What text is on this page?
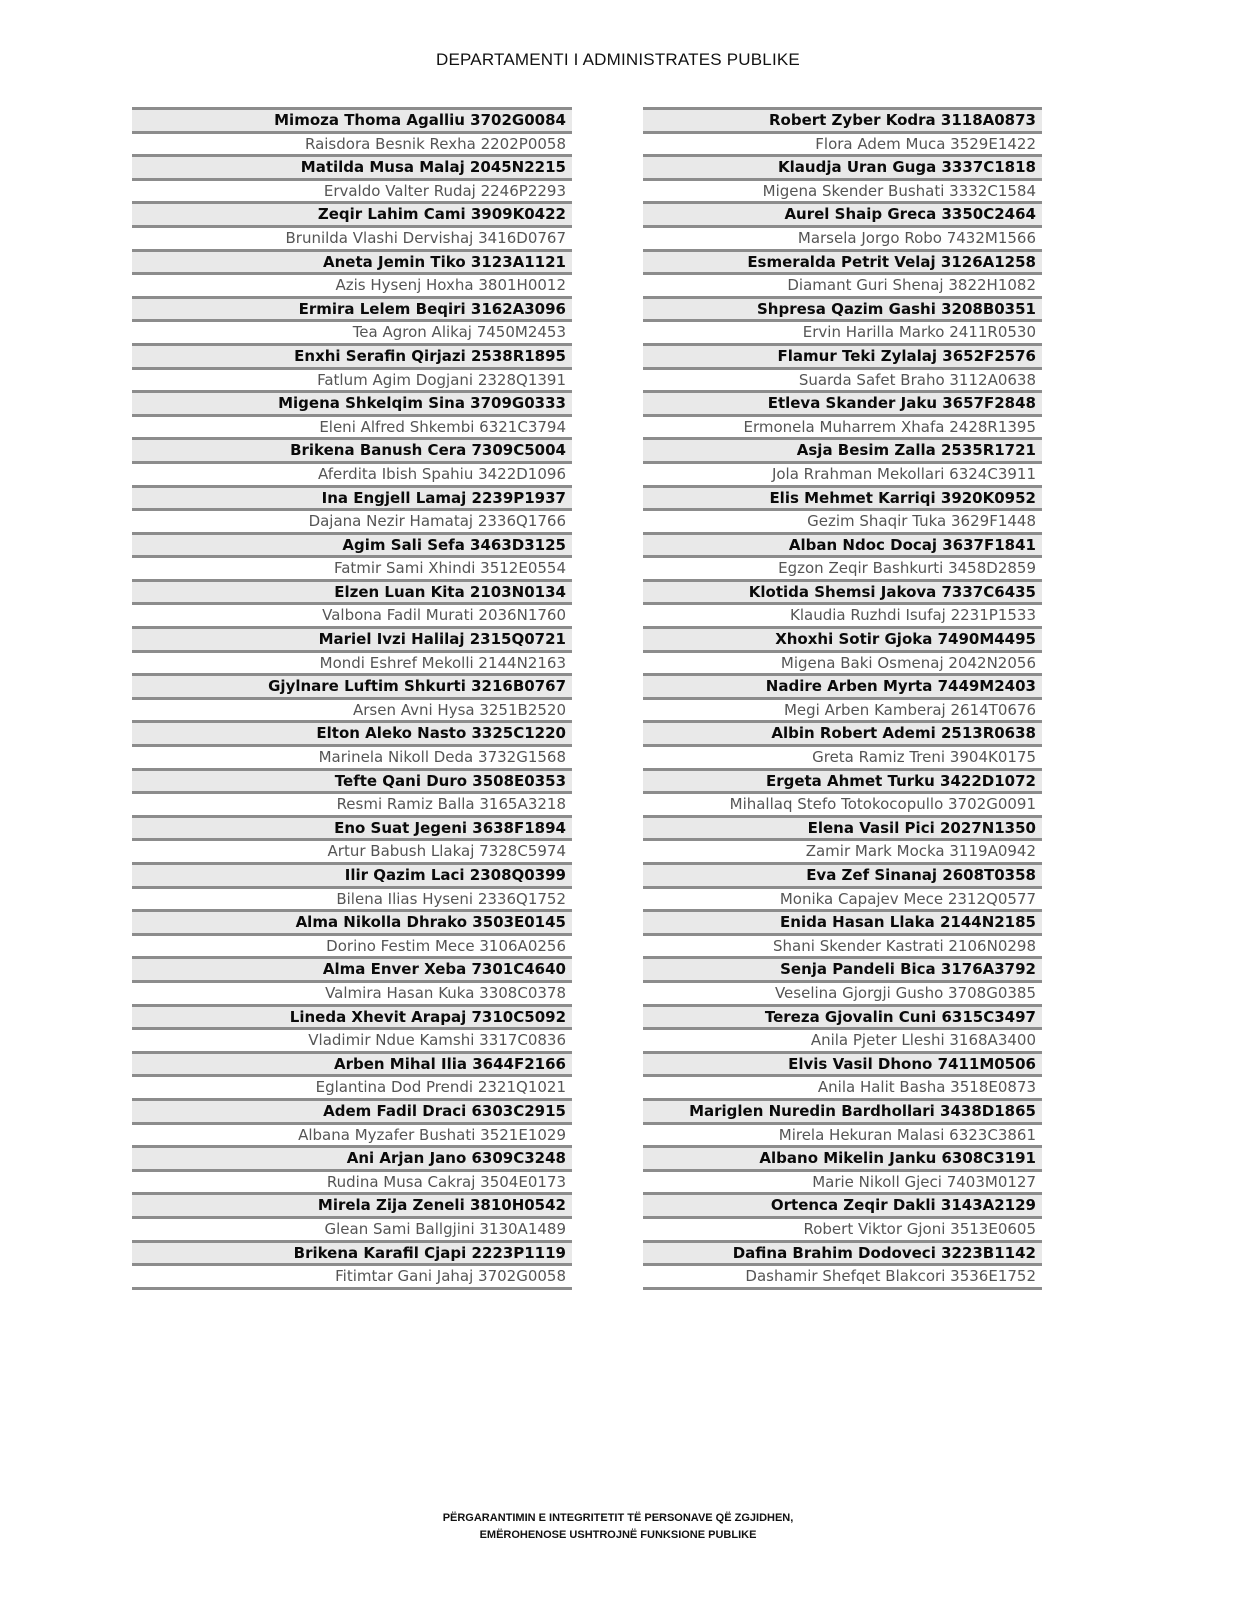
DEPARTAMENTI I ADMINISTRATES PUBLIKE
Mimoza Thoma Agalliu 3702G0084
Raisdora Besnik Rexha 2202P0058
Matilda Musa Malaj 2045N2215
Ervaldo Valter Rudaj 2246P2293
Zeqir Lahim Cami 3909K0422
Brunilda Vlashi Dervishaj 3416D0767
Aneta Jemin Tiko 3123A1121
Azis Hysenj Hoxha 3801H0012
Ermira Lelem Beqiri 3162A3096
Tea Agron Alikaj 7450M2453
Enxhi Serafin Qirjazi 2538R1895
Fatlum Agim Dogjani 2328Q1391
Migena Shkelqim Sina 3709G0333
Eleni Alfred Shkembi 6321C3794
Brikena Banush Cera 7309C5004
Aferdita Ibish Spahiu 3422D1096
Ina Engjell Lamaj 2239P1937
Dajana Nezir Hamataj 2336Q1766
Agim Sali Sefa 3463D3125
Fatmir Sami Xhindi 3512E0554
Elzen Luan Kita 2103N0134
Valbona Fadil Murati 2036N1760
Mariel Ivzi Halilaj 2315Q0721
Mondi Eshref Mekolli 2144N2163
Gjylnare Luftim Shkurti 3216B0767
Arsen Avni Hysa 3251B2520
Elton Aleko Nasto 3325C1220
Marinela Nikoll Deda 3732G1568
Tefte Qani Duro 3508E0353
Resmi Ramiz Balla 3165A3218
Eno Suat Jegeni 3638F1894
Artur Babush Llakaj 7328C5974
Ilir Qazim Laci 2308Q0399
Bilena Ilias Hyseni 2336Q1752
Alma Nikolla Dhrako 3503E0145
Dorino Festim Mece 3106A0256
Alma Enver Xeba 7301C4640
Valmira Hasan Kuka 3308C0378
Lineda Xhevit Arapaj 7310C5092
Vladimir Ndue Kamshi 3317C0836
Arben Mihal Ilia 3644F2166
Eglantina Dod Prendi 2321Q1021
Adem Fadil Draci 6303C2915
Albana Myzafer Bushati 3521E1029
Ani Arjan Jano 6309C3248
Rudina Musa Cakraj 3504E0173
Mirela Zija Zeneli 3810H0542
Glean Sami Ballgjini 3130A1489
Brikena Karafil Cjapi 2223P1119
Fitimtar Gani Jahaj 3702G0058
Robert Zyber Kodra 3118A0873
Flora Adem Muca 3529E1422
Klaudja Uran Guga 3337C1818
Migena Skender Bushati 3332C1584
Aurel Shaip Greca 3350C2464
Marsela Jorgo Robo 7432M1566
Esmeralda Petrit Velaj 3126A1258
Diamant Guri Shenaj 3822H1082
Shpresa Qazim Gashi 3208B0351
Ervin Harilla Marko 2411R0530
Flamur Teki Zylalaj 3652F2576
Suarda Safet Braho 3112A0638
Etleva Skander Jaku 3657F2848
Ermonela Muharrem Xhafa 2428R1395
Asja Besim Zalla 2535R1721
Jola Rrahman Mekollari 6324C3911
Elis Mehmet Karriqi 3920K0952
Gezim Shaqir Tuka 3629F1448
Alban Ndoc Docaj 3637F1841
Egzon Zeqir Bashkurti 3458D2859
Klotida Shemsi Jakova 7337C6435
Klaudia Ruzhdi Isufaj 2231P1533
Xhoxhi Sotir Gjoka 7490M4495
Migena Baki Osmenaj 2042N2056
Nadire Arben Myrta 7449M2403
Megi Arben Kamberaj 2614T0676
Albin Robert Ademi 2513R0638
Greta Ramiz Treni 3904K0175
Ergeta Ahmet Turku 3422D1072
Mihallaq Stefo Totokocopullo 3702G0091
Elena Vasil Pici 2027N1350
Zamir Mark Mocka 3119A0942
Eva Zef Sinanaj 2608T0358
Monika Capajev Mece 2312Q0577
Enida Hasan Llaka 2144N2185
Shani Skender Kastrati 2106N0298
Senja Pandeli Bica 3176A3792
Veselina Gjorgji Gusho 3708G0385
Tereza Gjovalin Cuni 6315C3497
Anila Pjeter Lleshi 3168A3400
Elvis Vasil Dhono 7411M0506
Anila Halit Basha 3518E0873
Mariglen Nuredin Bardhollari 3438D1865
Mirela Hekuran Malasi 6323C3861
Albano Mikelin Janku 6308C3191
Marie Nikoll Gjeci 7403M0127
Ortenca Zeqir Dakli 3143A2129
Robert Viktor Gjoni 3513E0605
Dafina Brahim Dodoveci 3223B1142
Dashamir Shefqet Blakcori 3536E1752
PËRGARANTIMIN E INTEGRITETIT TË PERSONAVE QË ZGJIDHEN,
EMËROHENOSE USHTROJNË FUNKSIONE PUBLIKE
